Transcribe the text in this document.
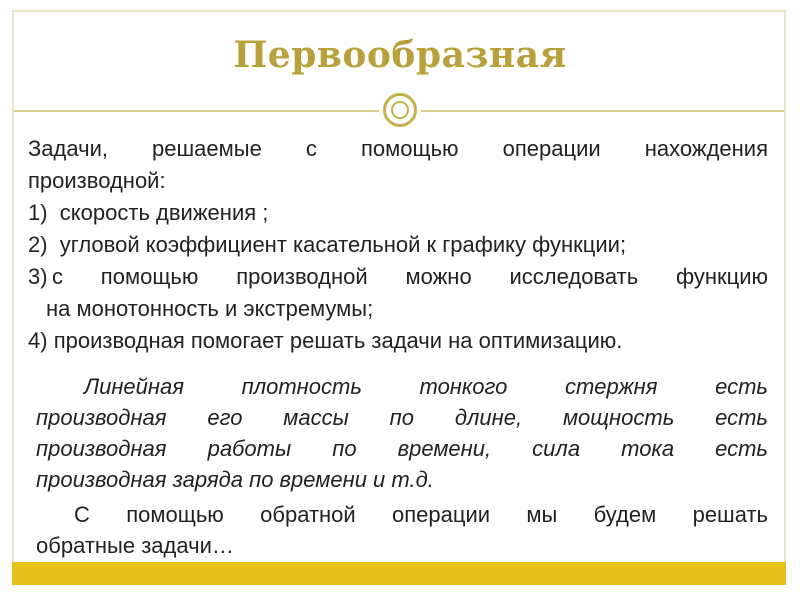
Первообразная
Задачи, решаемые с помощью операции нахождения
производной:
1) скорость движения ;
2) угловой коэффициент касательной к графику функции;
3) с помощью производной можно исследовать функцию
на монотонность и экстремумы;
4) производная помогает решать задачи на оптимизацию.
Линейная плотность тонкого стержня есть
производная его массы по длине, мощность есть
производная работы по времени, сила тока есть
производная заряда по времени и т.д.
С помощью обратной операции мы будем решать
обратные задачи…
